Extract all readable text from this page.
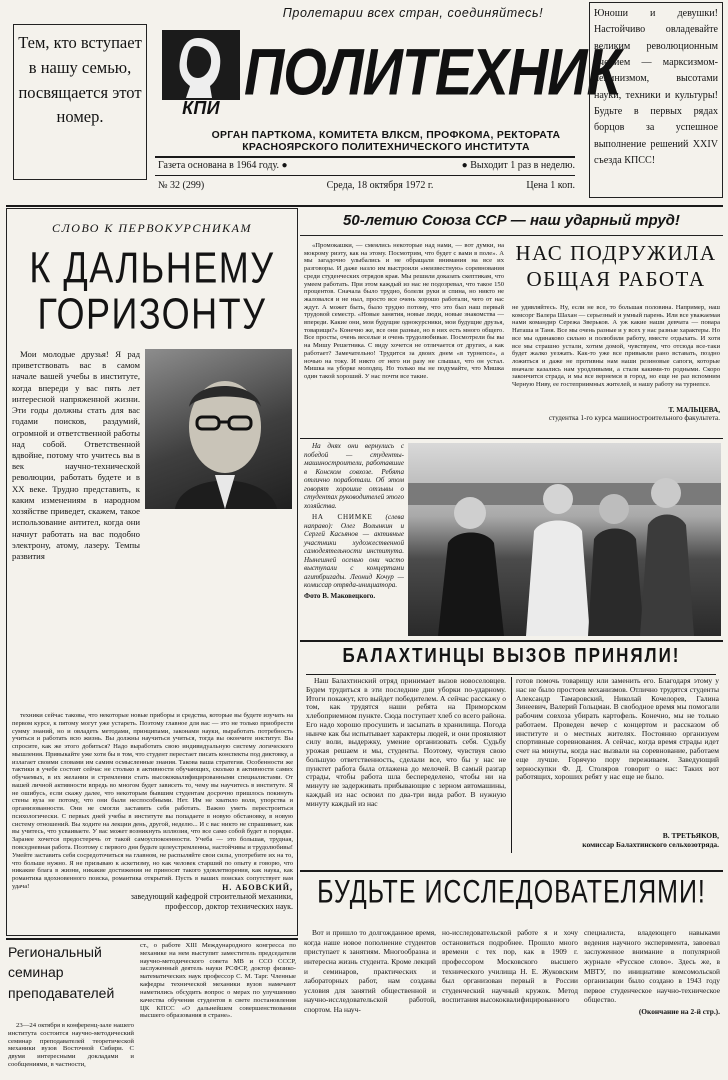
Тем, кто вступает в нашу семью, посвящается этот номер.
Пролетарии всех стран, соединяйтесь!
КПИ ПОЛИТЕХНИК
ОРГАН ПАРТКОМА, КОМИТЕТА ВЛКСМ, ПРОФКОМА, РЕКТОРАТА
КРАСНОЯРСКОГО ПОЛИТЕХНИЧЕСКОГО ИНСТИТУТА
Газета основана в 1964 году. ●	● Выходит 1 раз в неделю.
№ 32 (299)	Среда, 18 октября 1972 г.	Цена 1 коп.
Юноши и девушки! Настойчиво овладевайте великим революционным учением — марксизмом-ленинизмом, высотами науки, техники и культуры! Будьте в первых рядах борцов за успешное выполнение решений XXIV съезда КПСС!
СЛОВО К ПЕРВОКУРСНИКАМ
К ДАЛЬНЕМУ
ГОРИЗОНТУ

Мои молодые друзья! Я рад приветствовать вас в самом начале вашей учебы в институте, когда впереди у вас пять лет интересной напряженной жизни. Эти годы должны стать для вас годами поисков, раздумий, огромной и ответственной работы над собой. Ответственной вдвойне, потому что учитесь вы в век научно-технической революции, работать будете и в XX веке. Трудно представить, к каким изменениям в народном хозяйстве приведет, скажем, такое использование антител, когда они начнут работать на вас подобно электрону, атому, лазеру. Темпы развития

техники сейчас таковы, что некоторые новые приборы и средства, которые вы будете изучать на первом курсе, к пятому могут уже устареть. Поэтому главное для вас — это не только приобрести сумму знаний, но и овладеть методами, принципами, законами науки, выработать потребность учиться и работать всю жизнь. Вы должны научиться учиться, тогда вы окончите институт. Вы спросите, как же этого добиться? Надо выработать свою индивидуальную систему логического мышления. Привыкайте уже хотя бы в том, что студент перестает писать конспекты под диктовку, а излагает своими словами им самим осмысленные знания. Такова ваша стратегия. Особенности же тактики в учебе состоят сейчас не столько в активности обучающих, сколько в активности самих обучаемых, в их желании и стремлении стать высококвалифицированными специалистами. От вашей личной активности впредь во многом будет зависеть то, чему вы научитесь в институте. Я не ошибусь, если скажу далее, что некоторым бывшим студентам досрочно пришлось покинуть стены вуза не потому, что они были неспособными. Нет. Им не хватило воли, упорства и организованности. Они не смогли заставить себя работать. Важно уметь перестроиться психологически. С первых дней учебы в институте вы попадаете в новую обстановку, в новую систему отношений. Вы ходите на лекции день, другой, неделю... И с вас никто не спрашивает, как вы учитесь, что усваиваете. У вас может возникнуть иллюзия, что все само собой будет в порядке. Заранее хочется предостеречь от такой самоуспокоенности. Учеба — это большая, трудная, повседневная работа. Поэтому с первого дня будьте целеустремленны, настойчивы и трудолюбивы! Умейте заставить себя сосредоточиться на главном, не распыляйте свои силы, употребите их на то, что больше нужно. Я не призываю к аскетизму, но как человек старший по опыту я говорю, что никакие блага в жизни, никакие достижения не приносят такого удовлетворения, как наука, как романтика вдохновенного поиска, романтика открытий. Пусть в ваших поисках сопутствует вам удача!	Н. АБОВСКИЙ,
заведующий кафедрой строительной механики, профессор, доктор технических наук.
50-летию Союза ССР — наш ударный труд!

«Промокашки, — смеялись некоторые над нами, — вот думки, на мокрому риэту, как на этому. Посмотрим, что будет с вами в поле». А мы загадочно улыбались и не обращали внимания на все их разговоры. И даже назло им выстроили «неизвестную» соревнования среди студенческих отрядов края. Мы решили доказать скептикам, что умеем работать. При этом каждый из нас не подозревал, что такое 150 процентов. Сначала было трудно, болели руки и спина, но никто не жаловался и не ныл, просто все очень хорошо работали, чего от нас ждут. А может быть, было трудно потому, что это был наш первый трудовой семестр. «Новые занятия, новые люди, новые знакомства — впереди. Какие они, мои будущие однокурсники, мои будущие друзья, товарищи?» Конечно же, все они разные, но в них есть много общего. Все просты, очень веселые и очень трудолюбивые. Посмотрели бы вы на Мишу Решетника. С виду хочется не отличается от других, а как работает? Замечательно! Трудится за двоих днем «в турнепсе», а ночью на току. И никто от него ни разу не слышал, что он устал. Мишка на уборке молодец. Но только вы не подумайте, что Мишка один такой хороший. У нас почти все такие.

НАС ПОДРУЖИЛА
ОБЩАЯ РАБОТА

не удивляйтесь. Ну, если не все, то большая половина. Например, наш комсорг Валера Шахан — серьезный и умный парень. Или все уважаемая нами командир Сережа Зверьков. А уж какие наши девчата — повара Наташа и Таня. Все мы очень разные и у всех у нас разные характеры. Но все мы одинаково сильно и полюбили работу, вместе отдыхать. И хотя все мы страшно устали, хотим домой, чувствуем, что отсюда все-таки будет жалко уезжать. Как-то уже все привыкли рано вставать, поздно ложиться и даже не противны нам наши резиновые сапоги, которые вначале казались нам уродливыми, а стали какими-то родными. Скоро закончится страда, и мы все вернемся в город, но еще не раз вспомним Черную Ниву, ее гостеприимных жителей, и нашу работу на турнепсе.

Т. МАЛЬЦЕВА,
студентка 1-го курса машиностроительного факультета.

На днях они вернулись с победой — студенты-машиностроители, работавшие в Конском совхозе. Ребята отлично поработали. Об этом говорят хорошие отзывы о студентах руководителей этого хозяйства.

НА СНИМКЕ (слева направо): Олег Волынкин и Сергей Касьянов — активные участники художественной самодеятельности института. Нынешней осенью они часто выступали с концертами агитбригады. Леонид Кочур — комиссар отряда-инициатора.

Фото В. Маковецкого.

БАЛАХТИНЦЫ ВЫЗОВ ПРИНЯЛИ!

Наш Балахтинский отряд принимает вызов новоселовцев. Будем трудиться в эти последние дни уборки по-ударному. Итоги покажут, кто выйдет победителем. А сейчас расскажу о том, как трудятся наши ребята на Приморском хлебоприемном пункте. Сюда поступает хлеб со всего района. Его надо хорошо просушить и засыпать в хранилища. Погода нынче как бы испытывает характеры людей, и они проявляют силу воли, выдержку, умение организовать себя. Судьбу урожая решаем и мы, студенты. Поэтому, чувствуя свою большую ответственность, сделали все, что бы у нас не пунктет работа была отлажена до мелочей. В самый разгар страды, чтобы работа шла беспеределено, чтобы ни на минуту не задерживать прибывающие с зерном автомашины, каждый из нас освоил по два-три вида работ. В нужную минуту каждый из нас

готов помочь товарищу или заменить его. Благодаря этому у нас не было простоев механизмов. Отлично трудятся студенты Александр Тамаровский, Николай Кочелорев, Галина Зинеевич, Валерий Гольцман. В свободное время мы помогали рабочим совхоза убирать картофель. Конечно, мы не только работаем. Проведен вечер с концертом и рассказом об институте и о местных жителях. Постоянно организуем спортивные соревнования. А сейчас, когда время страды идет счет на минуты, когда нас вызвали на соревнование, работаем еще лучше. Горячую пору переживаем. Заведующий зерноскупки Ф. Д. Столяров говорит о нас: Таких вот работящих, хороших ребят у нас еще не было.

В. ТРЕТЬЯКОВ,
комиссар Балахтинского сельхозотряда.
БУДЬТЕ ИССЛЕДОВАТЕЛЯМИ!

Вот и пришло то долгожданное время, когда наше новое пополнение студентов приступает к занятиям. Многообразна и интересна жизнь студента. Кроме лекций и семинаров, практических и лабораторных работ, нам созданы условия для занятий общественной и научно-исследовательской работой, спортом. На науч-

но-исследовательской работе я и хочу остановиться подробнее. Прошло много времени с тех пор, как в 1909 г. профессором Московского высшего технического училища Н. Е. Жуковским был организован первый в России студенческий научный кружок. Метод воспитания высококвалифицированного

специалиста, владеющего навыками ведения научного эксперимента, завоевал заслуженное внимание в популярной журнале «Русское слово». Здесь же, в МВТУ, по инициативе комсомольской организации было создано в 1943 году первое студенческое научно-техническое общество.

(Окончание на 2-й стр.).

Региональный семинар преподавателей

23—24 октября в конференц-зале нашего института состоится научно-методический семинар преподавателей теоретической механики вузов Восточной Сибири. С двумя интересными докладами и сообщениями, в частности,

ст., о работе XIII Международного конгресса по механике на нем выступит заместитель председателя научно-методического совета МВ и ССО СССР, заслуженный деятель науки РСФСР, доктор физико-математических наук профессор С. М. Тарг. Членные кафедры технической механики вузов намечают наметились обсудить вопрос о мерах по улучшению качества обучения студентов в свете постановления ЦК КПСС «О дальнейшем совершенствовании высшего образования в стране».
